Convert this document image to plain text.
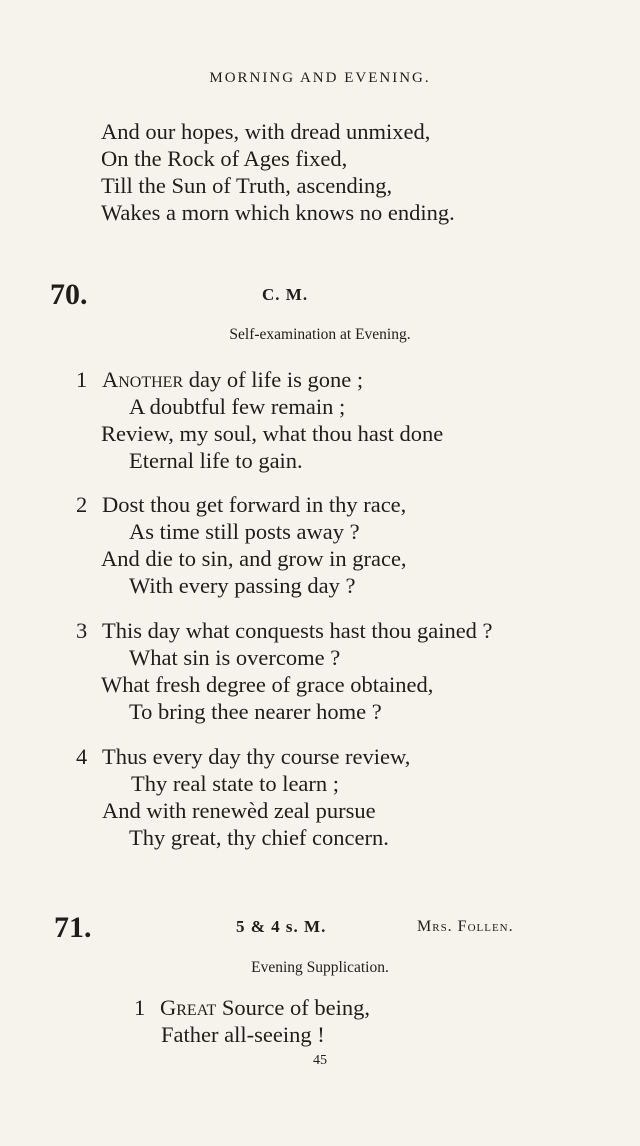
MORNING AND EVENING.
And our hopes, with dread unmixed,
On the Rock of Ages fixed,
Till the Sun of Truth, ascending,
Wakes a morn which knows no ending.
70.	C. M.
Self-examination at Evening.
1 Another day of life is gone ;
A doubtful few remain ;
Review, my soul, what thou hast done
Eternal life to gain.
2 Dost thou get forward in thy race,
As time still posts away ?
And die to sin, and grow in grace,
With every passing day ?
3 This day what conquests hast thou gained ?
What sin is overcome ?
What fresh degree of grace obtained,
To bring thee nearer home ?
4 Thus every day thy course review,
Thy real state to learn ;
And with renewèd zeal pursue
Thy great, thy chief concern.
71.	5 & 4 s. M.	Mrs. Follen.
Evening Supplication.
1 Great Source of being,
Father all-seeing !
45
